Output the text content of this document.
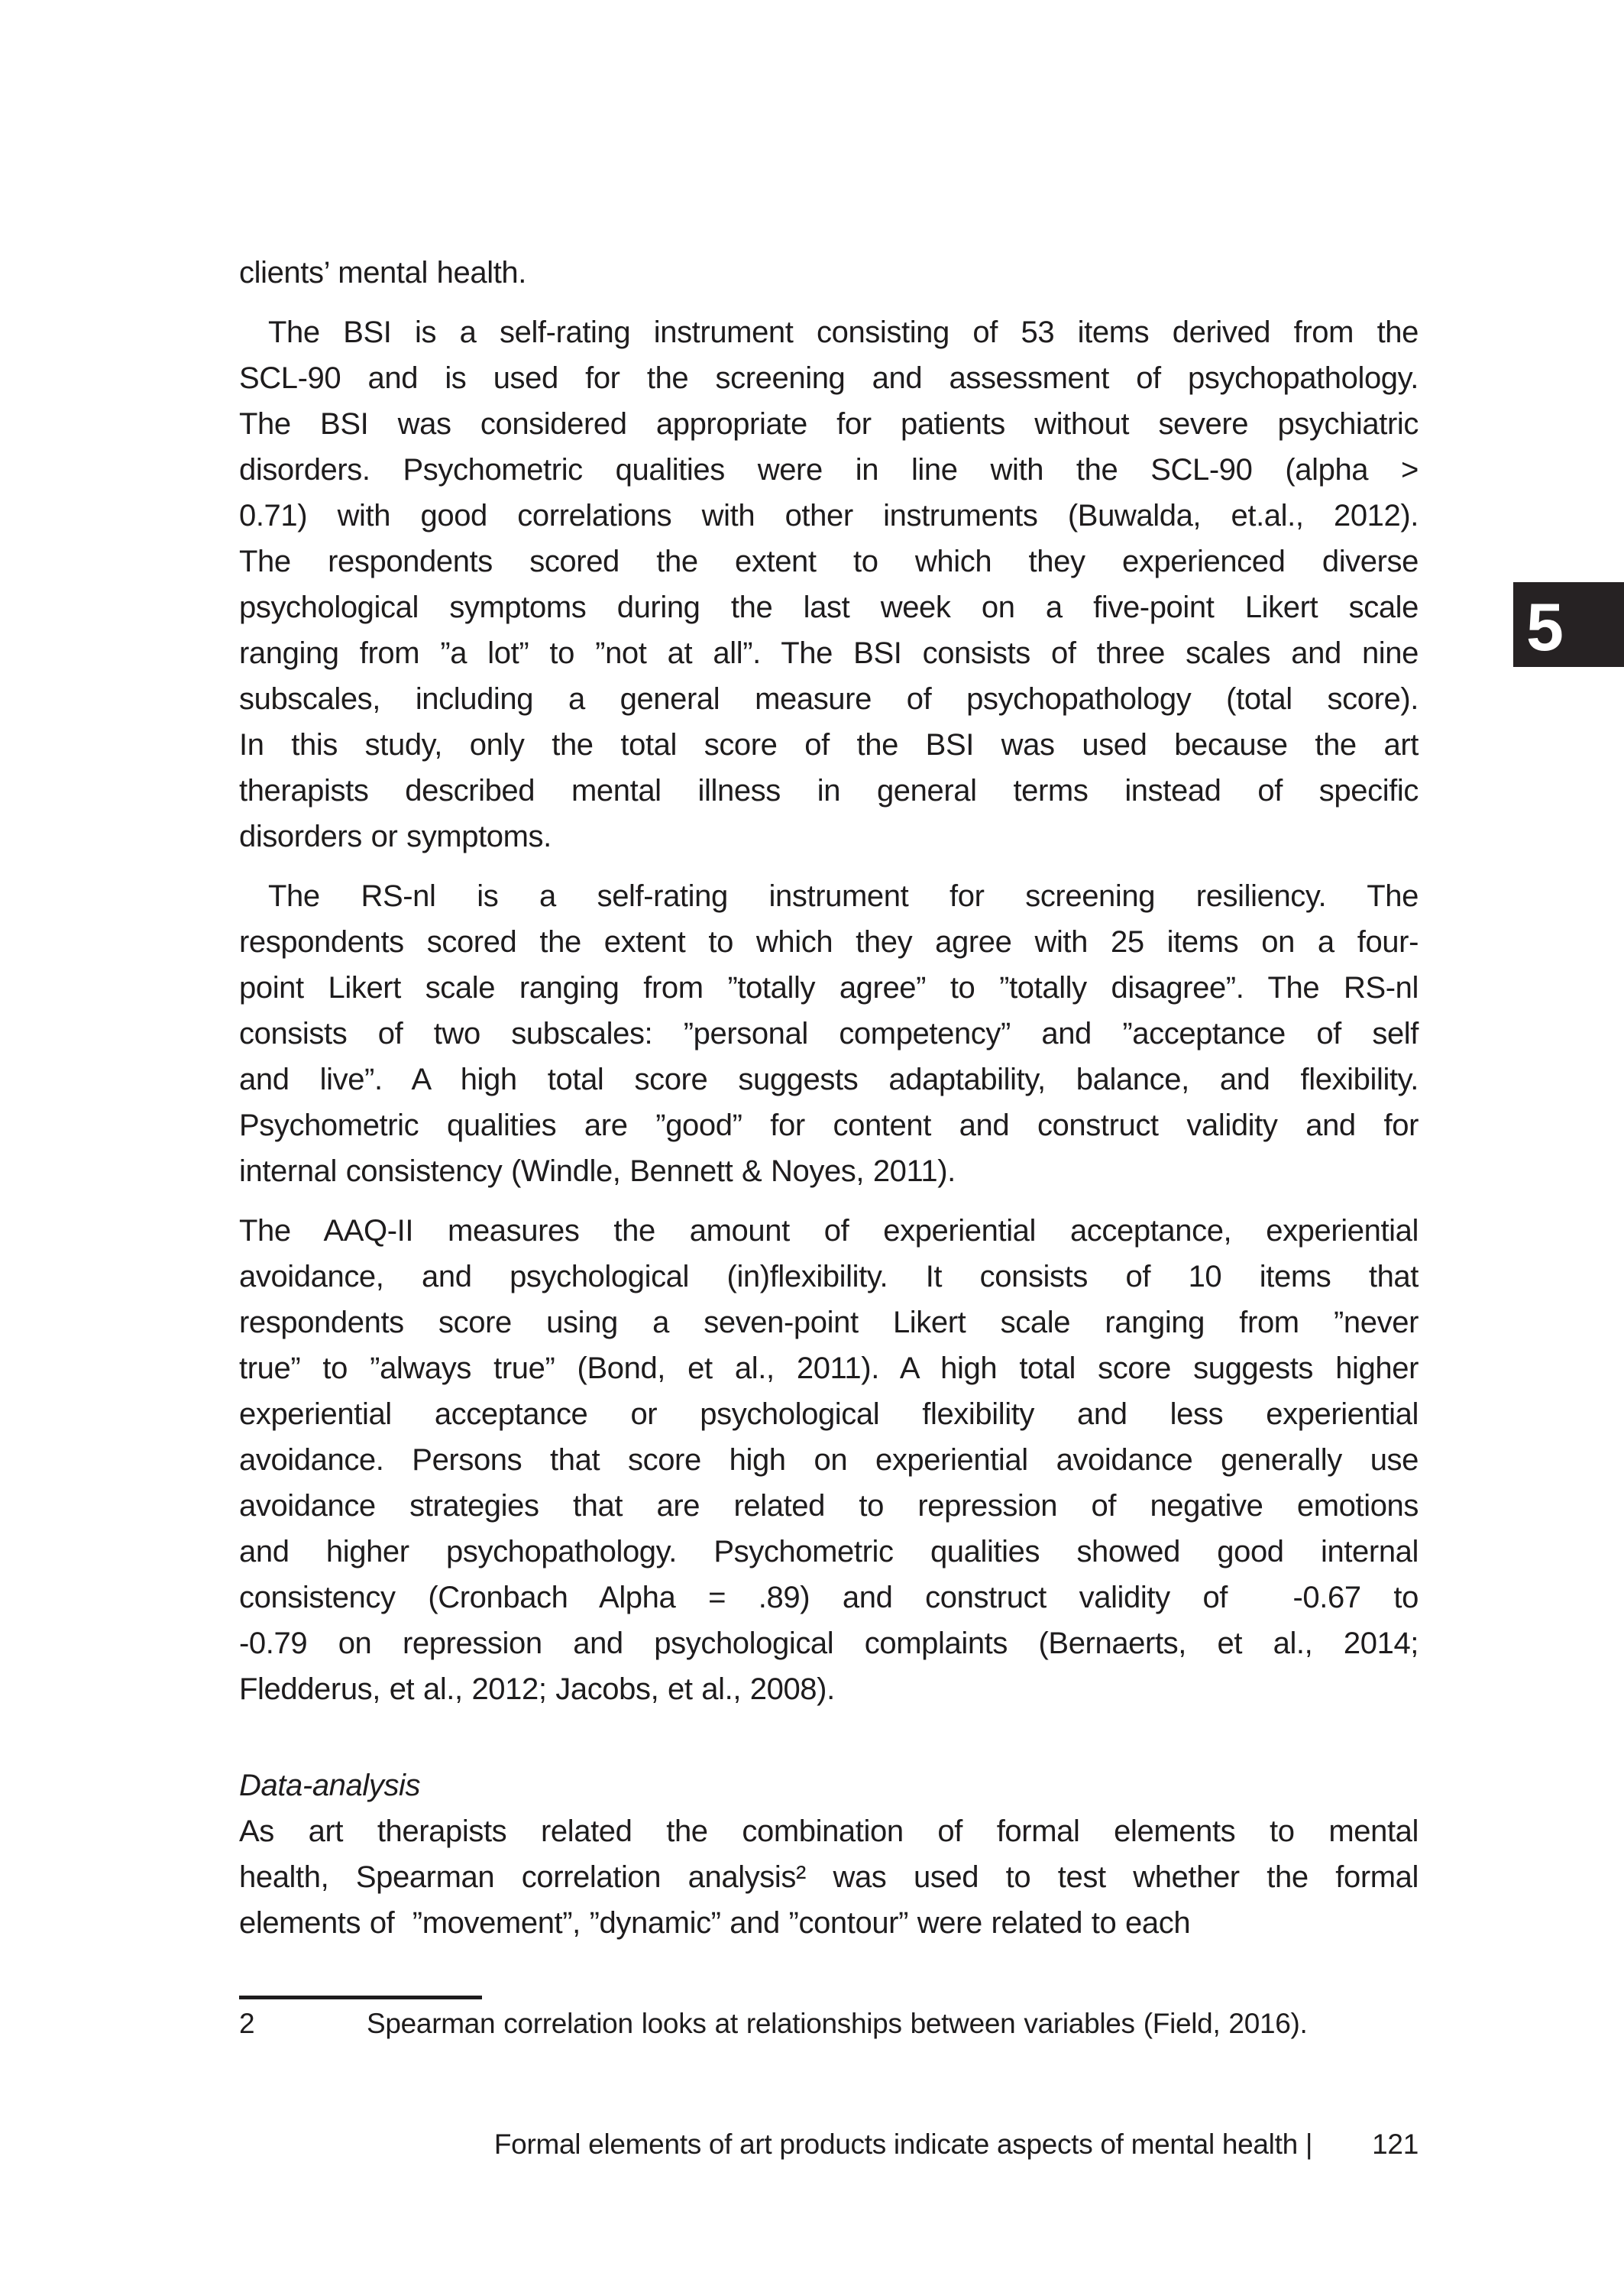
clients’ mental health.
The BSI is a self-rating instrument consisting of 53 items derived from the
SCL-90 and is used for the screening and assessment of psychopathology.
The BSI was considered appropriate for patients without severe psychiatric
disorders. Psychometric qualities were in line with the SCL-90 (alpha >
0.71) with good correlations with other instruments (Buwalda, et.al., 2012).
The respondents scored the extent to which they experienced diverse
psychological symptoms during the last week on a five-point Likert scale
ranging from ”a lot” to ”not at all”. The BSI consists of three scales and nine
subscales, including a general measure of psychopathology (total score).
In this study, only the total score of the BSI was used because the art
therapists described mental illness in general terms instead of specific
disorders or symptoms.
The RS-nl is a self-rating instrument for screening resiliency. The
respondents scored the extent to which they agree with 25 items on a four-
point Likert scale ranging from ”totally agree” to ”totally disagree”. The RS-nl
consists of two subscales: ”personal competency” and ”acceptance of self
and live”. A high total score suggests adaptability, balance, and flexibility.
Psychometric qualities are ”good” for content and construct validity and for
internal consistency (Windle, Bennett & Noyes, 2011).
The AAQ-II measures the amount of experiential acceptance, experiential
avoidance, and psychological (in)flexibility. It consists of 10 items that
respondents score using a seven-point Likert scale ranging from ”never
true” to ”always true” (Bond, et al., 2011). A high total score suggests higher
experiential acceptance or psychological flexibility and less experiential
avoidance. Persons that score high on experiential avoidance generally use
avoidance strategies that are related to repression of negative emotions
and higher psychopathology. Psychometric qualities showed good internal
consistency (Cronbach Alpha = .89) and construct validity of  -0.67 to
-0.79 on repression and psychological complaints (Bernaerts, et al., 2014;
Fledderus, et al., 2012; Jacobs, et al., 2008).
Data-analysis
As art therapists related the combination of formal elements to mental
health, Spearman correlation analysis² was used to test whether the formal
elements of  ”movement”, ”dynamic” and ”contour” were related to each
2	Spearman correlation looks at relationships between variables (Field, 2016).
5
Formal elements of art products indicate aspects of mental health | 121
